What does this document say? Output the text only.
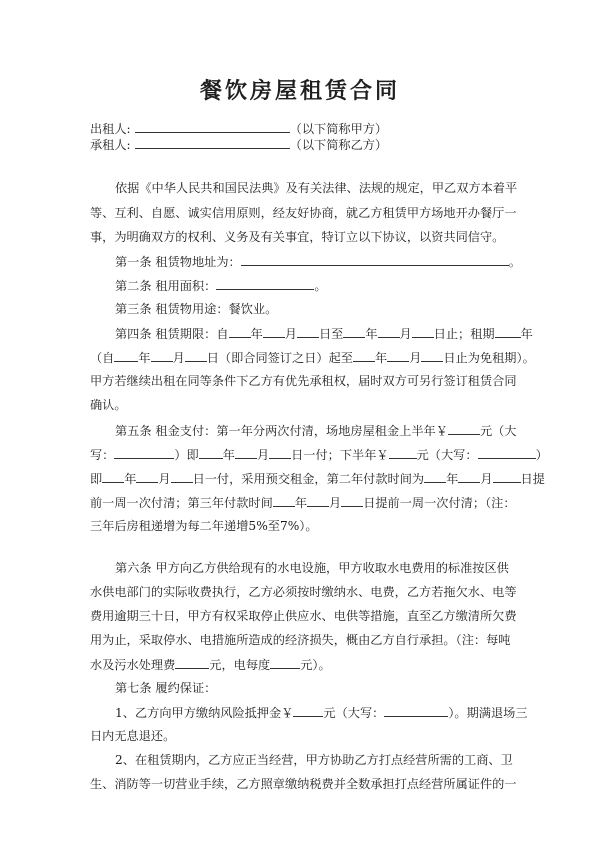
餐饮房屋租赁合同
出租人:	（以下简称甲方）
承租人:	（以下简称乙方）
依据《中华人民共和国民法典》及有关法律、法规的规定，甲乙双方本着平
等、互利、自愿、诚实信用原则，经友好协商，就乙方租赁甲方场地开办餐厅一
事，为明确双方的权利、义务及有关事宜，特订立以下协议，以资共同信守。
第一条 租赁物地址为：	。
第二条 租用面积：	。
第三条 租赁物用途：餐饮业。
第四条 租赁期限：自 年 月 日至 年 月 日止；租期 年
（自 年 月 日（即合同签订之日）起至 年 月 日止为免租期）。
甲方若继续出租在同等条件下乙方有优先承租权，届时双方可另行签订租赁合同
确认。
第五条 租金支付：第一年分两次付清，场地房屋租金上半年￥	元（大
写：	）即 年 月 日一付；下半年￥ 元（大写：	）
即 年 月 日一付，采用预交租金，第二年付款时间为 年 月 日提
前一周一次付清；第三年付款时间 年 月 日提前一周一次付清；（注：
三年后房租递增为每二年递增5%至7%）。
第六条 甲方向乙方供给现有的水电设施，甲方收取水电费用的标准按区供
水供电部门的实际收费执行，乙方必须按时缴纳水、电费，乙方若拖欠水、电等
费用逾期三十日，甲方有权采取停止供应水、电供等措施，直至乙方缴清所欠费
用为止，采取停水、电措施所造成的经济损失，概由乙方自行承担。（注：每吨
水及污水处理费	元，电每度 元）。
第七条 履约保证：
1、乙方向甲方缴纳风险抵押金￥ 元（大写：	）。期满退场三
日内无息退还。
2、在租赁期内，乙方应正当经营，甲方协助乙方打点经营所需的工商、卫
生、消防等一切营业手续，乙方照章缴纳税费并全数承担打点经营所属证件的一
